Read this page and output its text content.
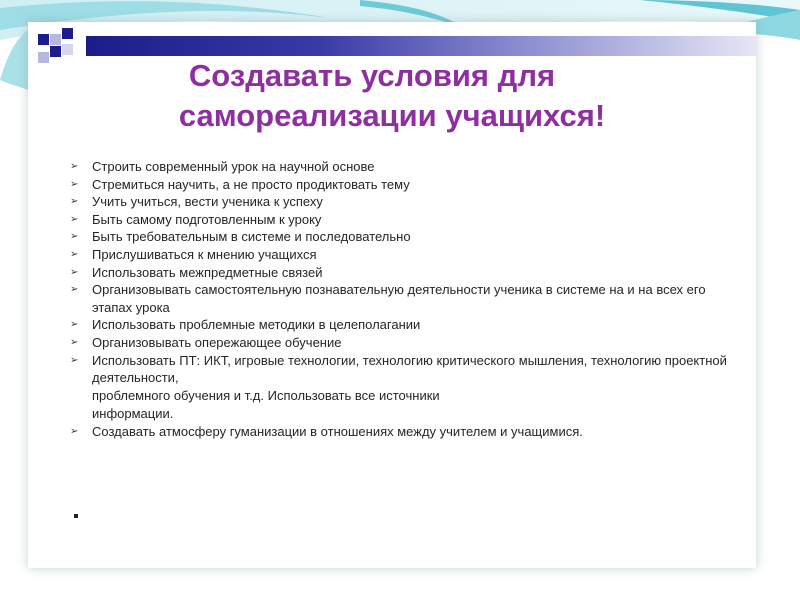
Создавать условия для
самореализации учащихся!
➢ Строить современный урок на научной основе
➢ Стремиться научить, а не просто продиктовать тему
➢ Учить учиться, вести ученика к успеху
➢ Быть самому подготовленным к уроку
➢ Быть требовательным в системе и последовательно
➢ Прислушиваться к мнению учащихся
➢ Использовать межпредметные связей
➢ Организовывать самостоятельную познавательную деятельности ученика в системе на и на всех его этапах урока
➢ Использовать проблемные методики в целеполагании
➢ Организовывать опережающее обучение
➢ Использовать ПТ: ИКТ, игровые технологии, технологию критического мышления, технологию проектной деятельности,
проблемного обучения и т.д. Использовать все источники
информации.
➢ Создавать атмосферу гуманизации в отношениях между учителем и учащимися.
